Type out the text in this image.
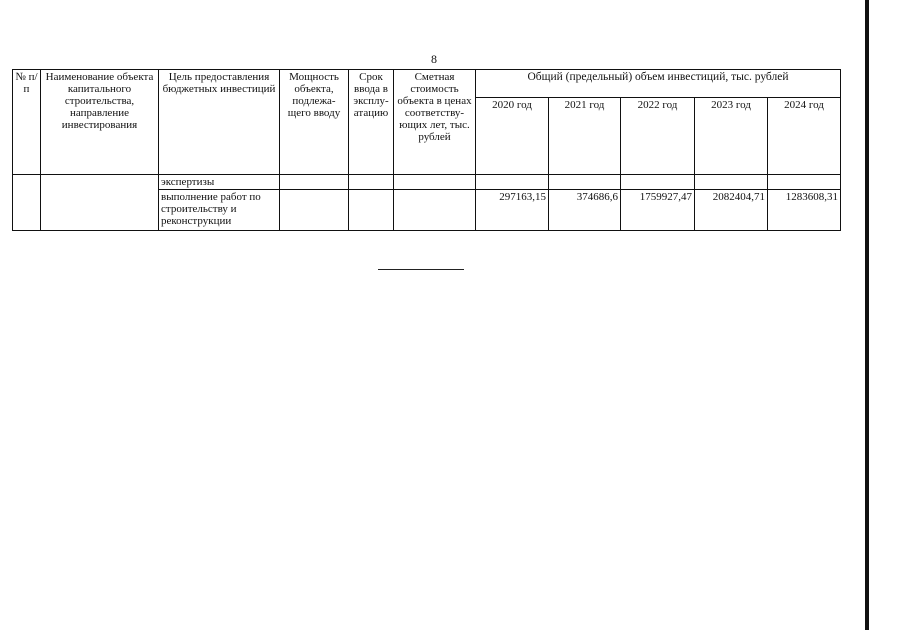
8
№ п/п	Наименование объекта капитального строительства, направление инвестирования	Цель предоставления бюджетных инвестиций	Мощность объекта, подлежа-щего вводу	Срок ввода в эксплу-атацию	Сметная стоимость объекта в ценах соответству-ющих лет, тыс. рублей	Общий (предельный) объем инвестиций, тыс. рублей				
						2020 год	2021 год	2022 год	2023 год	2024 год
		экспертизы								
		выполнение работ по строительству и реконструкции				297163,15	374686,6	1759927,47	2082404,71	1283608,31
